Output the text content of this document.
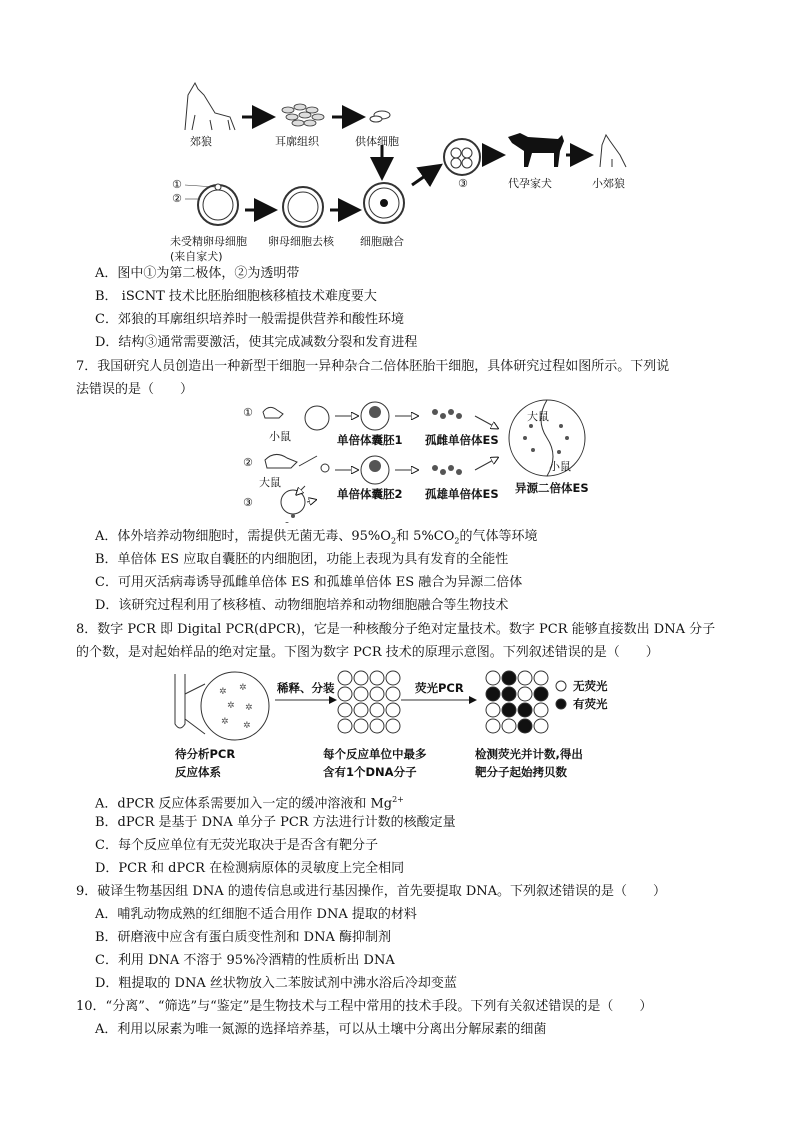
郊狼	耳廓组织	供体细胞
代孕家犬	小郊狼
未受精卵母细胞
(来自家犬)
卵母细胞去核 细胞融合
①
②
③
A．图中①为第二极体，②为透明带
B． iSCNT 技术比胚胎细胞核移植技术难度要大
C．郊狼的耳廓组织培养时一般需提供营养和酸性环境
D．结构③通常需要激活，使其完成减数分裂和发育进程
7．我国研究人员创造出一种新型干细胞一异种杂合二倍体胚胎干细胞，具体研究过程如图所示。下列说
法错误的是（　　）
①
小鼠	单倍体囊胚1 孤雌单倍体ES
②
大鼠
单倍体囊胚2 孤雄单倍体ES 异源二倍体ES
大鼠
小鼠
③
A．体外培养动物细胞时，需提供无菌无毒、$95\%O_2$和 $5\%CO_2$的气体等环境
B．单倍体 ES 应取自囊胚的内细胞团，功能上表现为具有发育的全能性
C．可用灭活病毒诱导孤雌单倍体 ES 和孤雄单倍体 ES 融合为异源二倍体
D．该研究过程利用了核移植、动物细胞培养和动物细胞融合等生物技术
8．数字 PCR 即 Digital PCR(dPCR)，它是一种核酸分子绝对定量技术。数字 PCR 能够直接数出 DNA 分子
的个数，是对起始样品的绝对定量。下图为数字 PCR 技术的原理示意图。下列叙述错误的是（　　）
✲ ✲
✲ ✲
✲ ✲
稀释、分装	荧光PCR	无荧光
有荧光
待分析PCR
反应体系
每个反应单位中最多
含有1个DNA分子
检测荧光并计数,得出
靶分子起始拷贝数
A．dPCR 反应体系需要加入一定的缓冲溶液和 $Mg^{2+}$
B．dPCR 是基于 DNA 单分子 PCR 方法进行计数的核酸定量
C．每个反应单位有无荧光取决于是否含有靶分子
D．PCR 和 dPCR 在检测病原体的灵敏度上完全相同
9．破译生物基因组 DNA 的遗传信息或进行基因操作，首先要提取 DNA。下列叙述错误的是（　　）
A．哺乳动物成熟的红细胞不适合用作 DNA 提取的材料
B．研磨液中应含有蛋白质变性剂和 DNA 酶抑制剂
C．利用 DNA 不溶于 95%冷酒精的性质析出 DNA
D．粗提取的 DNA 丝状物放入二苯胺试剂中沸水浴后冷却变蓝
10．“分离”、“筛选”与“鉴定”是生物技术与工程中常用的技术手段。下列有关叙述错误的是（　　）
A．利用以尿素为唯一氮源的选择培养基，可以从土壤中分离出分解尿素的细菌
